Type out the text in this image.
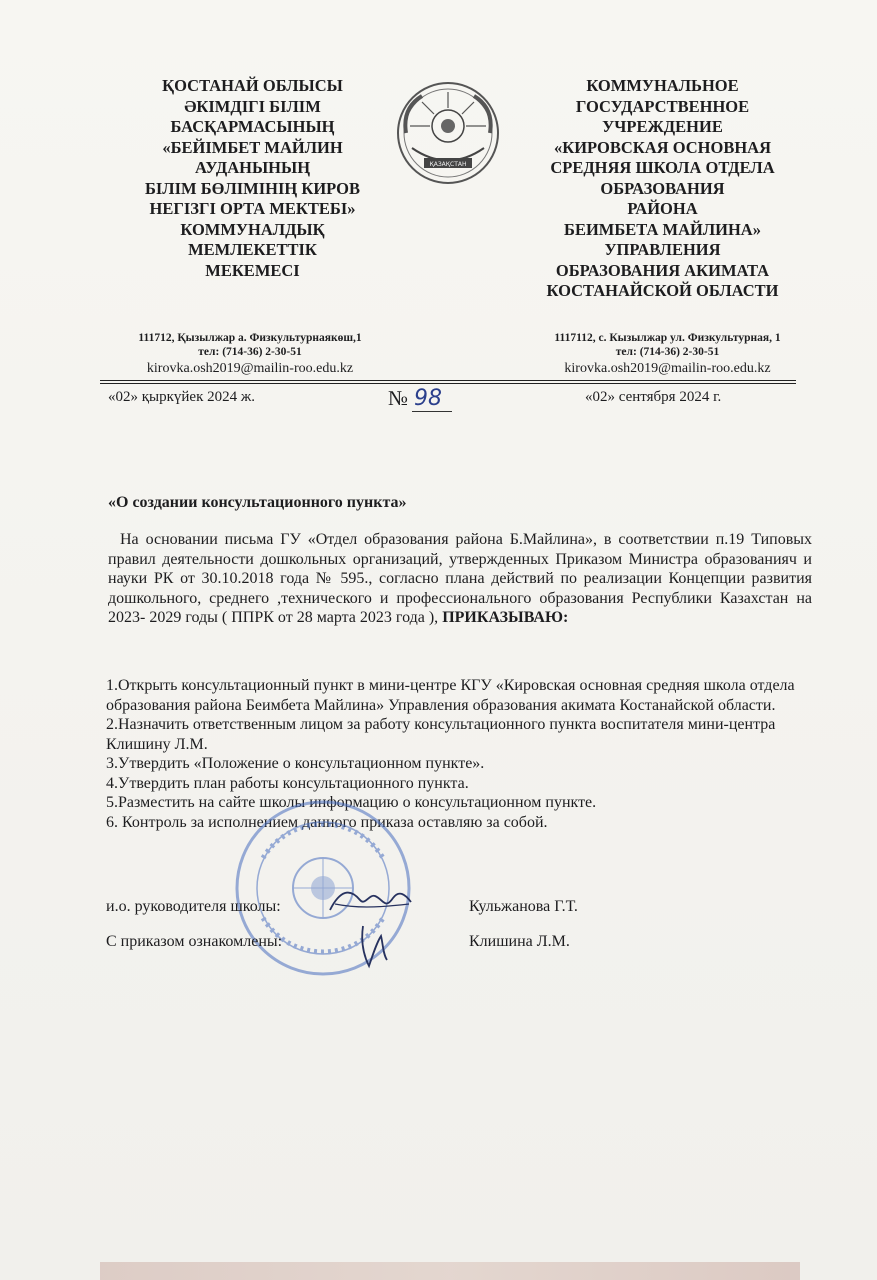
ҚОСТАНАЙ ОБЛЫСЫ
ӘКІМДІГІ БІЛІМ
БАСҚАРМАСЫНЫҢ
«БЕЙІМБЕТ МАЙЛИН
АУДАНЫНЫҢ
БІЛІМ БӨЛІМІНІҢ КИРОВ
НЕГІЗГІ ОРТА МЕКТЕБІ»
КОММУНАЛДЫҚ
МЕМЛЕКЕТТІК
МЕКЕМЕСІ
ҚАЗАҚСТАН
КОММУНАЛЬНОЕ
ГОСУДАРСТВЕННОЕ
УЧРЕЖДЕНИЕ
«КИРОВСКАЯ ОСНОВНАЯ
СРЕДНЯЯ ШКОЛА ОТДЕЛА
ОБРАЗОВАНИЯ
РАЙОНА
БЕИМБЕТА МАЙЛИНА»
УПРАВЛЕНИЯ
ОБРАЗОВАНИЯ АКИМАТА
КОСТАНАЙСКОЙ ОБЛАСТИ
111712, Қызылжар а. Физкультурнаякөш,1
тел: (714-36) 2-30-51
kirovka.osh2019@mailin-roo.edu.kz
1117112, с. Кызылжар ул. Физкультурная, 1
тел: (714-36) 2-30-51
kirovka.osh2019@mailin-roo.edu.kz
«02» қыркүйек 2024 ж.	№ 98	«02» сентября 2024 г.
«О создании консультационного пункта»
На основании письма ГУ «Отдел образования района Б.Майлина», в соответствии п.19 Типовых правил деятельности дошкольных организаций, утвержденных Приказом Министра образованияч и науки РК от 30.10.2018 года № 595., согласно плана действий по реализации Концепции развития дошкольного, среднего ,технического и профессионального образования Республики Казахстан на 2023- 2029 годы ( ППРК от 28 марта 2023 года ), ПРИКАЗЫВАЮ:
1.Открыть консультационный пункт в мини-центре КГУ «Кировская основная средняя школа отдела образования района Беимбета Майлина» Управления образования акимата Костанайской области.
2.Назначить ответственным лицом за работу консультационного пункта воспитателя мини-центра Клишину Л.М.
3.Утвердить «Положение о консультационном пункте».
4.Утвердить план работы консультационного пункта.
5.Разместить на сайте школы информацию о консультационном пункте.
6. Контроль за исполнением данного приказа оставляю за собой.
и.о. руководителя школы:	Кульжанова Г.Т.
С приказом ознакомлены:	Клишина Л.М.
